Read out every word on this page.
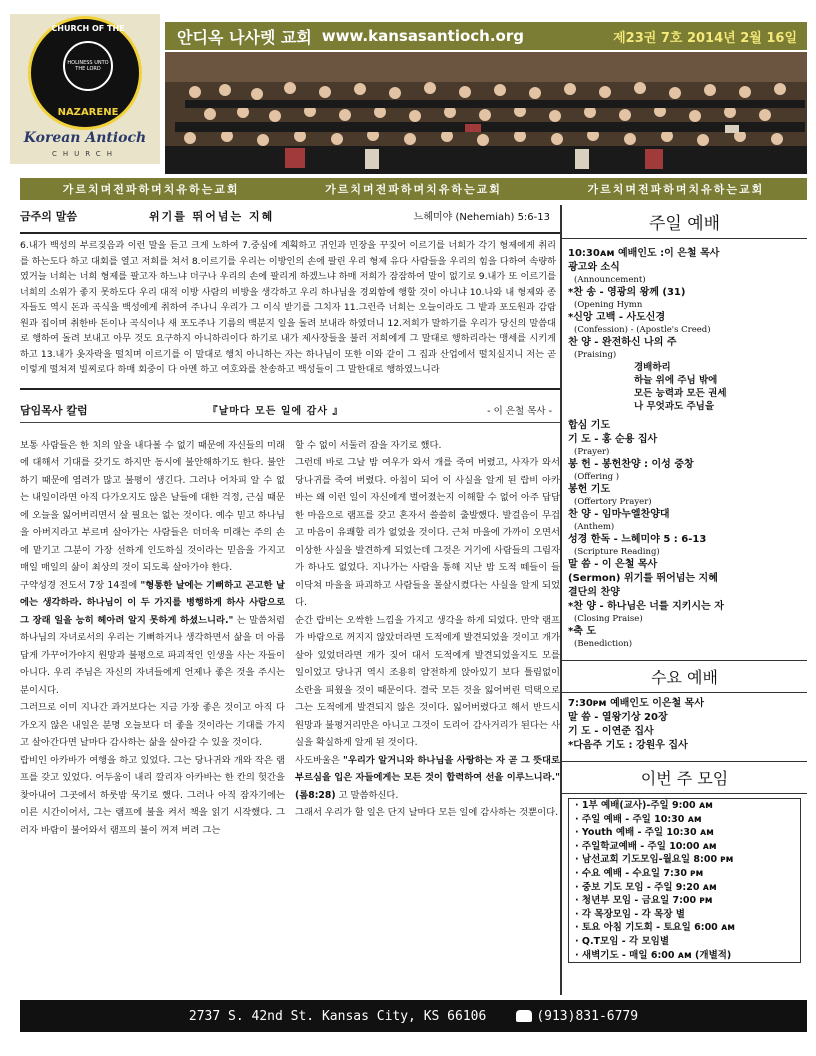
CHURCH OF THE
HOLINESS UNTO THE LORD
NAZARENE
Korean Antioch
CHURCH
안디옥 나사렛 교회 www.kansasantioch.org	제23권 7호 2014년 2월 16일
가르치며전파하며치유하는교회	가르치며전파하며치유하는교회	가르치며전파하며치유하는교회
금주의 말씀	위기를 뛰어넘는 지혜	느헤미야 (Nehemiah) 5:6-13
6.내가 백성의 부르짖음과 이런 말을 듣고 크게 노하여 7.중심에 계획하고 귀인과 민장을 꾸짖어 이르기를 너희가 각기 형제에게 취리를 하는도다 하고 대회를 열고 저희를 쳐서 8.이르기를 우리는 이방인의 손에 팔린 우리 형제 유다 사람들을 우리의 힘을 다하여 속량하였거늘 너희는 너희 형제를 팔고자 하느냐 더구나 우리의 손에 팔리게 하겠느냐 하매 저희가 잠잠하여 말이 없기로 9.내가 또 이르기를 너희의 소위가 좋지 못하도다 우리 대적 이방 사람의 비방을 생각하고 우리 하나님을 경외함에 행할 것이 아니냐 10.나와 내 형제와 종자들도 역시 돈과 곡식을 백성에게 취하여 주나니 우리가 그 이식 받기를 그치자 11.그런즉 너희는 오늘이라도 그 밭과 포도원과 감람원과 집이며 취한바 돈이나 곡식이나 새 포도주나 기름의 백분지 일을 돌려 보내라 하였더니 12.저희가 말하기를 우리가 당신의 말씀대로 행하여 돌려 보내고 아무 것도 요구하지 아니하리이다 하기로 내가 제사장들을 불러 저희에게 그 말대로 행하리라는 맹세를 시키게 하고 13.내가 옷자락을 떨치며 이르기를 이 말대로 행치 아니하는 자는 하나님이 또한 이와 같이 그 집과 산업에서 떨치실지니 저는 곧 이렇게 떨쳐져 빌찌로다 하매 회중이 다 아멘 하고 여호와를 찬송하고 백성들이 그 말한대로 행하였느니라
담임목사 칼럼	『날마다 모든 일에 감사 』	- 이 은철 목사 -

보통 사람들은 한 치의 앞을 내다볼 수 없기 때문에 자신들의 미래에 대해서 기대를 갖기도 하지만 동시에 불안해하기도 한다. 불안하기 때문에 염려가 많고 불평이 생긴다. 그러나 어차피 알 수 없는 내일이라면 아직 다가오지도 않은 날들에 대한 걱정, 근심 때문에 오늘을 잃어버리면서 살 필요는 없는 것이다. 예수 믿고 하나님을 아버지라고 부르며 살아가는 사람들은 더더욱 미래는 주의 손에 맡기고 그분이 가장 선하게 인도하실 것이라는 믿음을 가지고 매일 매일의 삶이 최상의 것이 되도록 살아가야 한다.

구약성경 전도서 7장 14절에 "형통한 날에는 기뻐하고 곤고한 날에는 생각하라. 하나님이 이 두 가지를 병행하게 하사 사람으로 그 장래 일을 능히 헤아려 알지 못하게 하셨느니라." 는 말씀처럼 하나님의 자녀로서의 우리는 기뻐하거나 생각하면서 삶을 더 아름답게 가꾸어가야지 원망과 불평으로 파괴적인 인생을 사는 자들이 아니다. 우리 주님은 자신의 자녀들에게 언제나 좋은 것을 주시는 분이시다.

그러므로 이미 지나간 과거보다는 지금 가장 좋은 것이고 아직 다가오지 않은 내일은 분명 오늘보다 더 좋을 것이라는 기대를 가지고 살아간다면 날마다 감사하는 삶을 살아갈 수 있을 것이다.

랍비인 아카바가 여행을 하고 있었다. 그는 당나귀와 개와 작은 램프를 갖고 있었다. 어두움이 내리 깔리자 아카바는 한 칸의 헛간을 찾아내어 그곳에서 하룻밤 묵기로 했다. 그러나 아직 잠자기에는 이른 시간이어서, 그는 램프에 불을 켜서 책을 읽기 시작했다. 그러자 바람이 불어와서 램프의 불이 꺼져 버려 그는

할 수 없이 서둘러 잠을 자기로 했다.

그런데 바로 그날 밤 여우가 와서 개를 죽여 버렸고, 사자가 와서 당나귀를 죽여 버렸다. 아침이 되어 이 사실을 알게 된 랍비 아카바는 왜 이런 일이 자신에게 벌어졌는지 이해할 수 없어 아주 답답한 마음으로 램프를 갖고 혼자서 쓸쓸히 출발했다. 발걸음이 무겁고 마음이 유쾌할 리가 없었을 것이다. 근처 마을에 가까이 오면서 이상한 사실을 발견하게 되었는데 그것은 거기에 사람들의 그림자가 하나도 없었다. 지나가는 사람을 통해 지난 밤 도적 떼들이 들이닥쳐 마을을 파괴하고 사람들을 몰살시켰다는 사실을 알게 되었다.

순간 랍비는 오싹한 느낌을 가지고 생각을 하게 되었다. 만약 램프가 바람으로 꺼지지 않았더라면 도적에게 발견되었을 것이고 개가 살아 있었더라면 개가 짖어 대서 도적에게 발견되었을지도 모를 일이었고 당나귀 역시 조용히 얌전하게 앉아있기 보다 틀림없이 소란을 피웠을 것이 때문이다. 결국 모든 것을 잃어버린 덕택으로 그는 도적에게 발견되지 않은 것이다. 잃어버렸다고 해서 반드시 원망과 불평거리만은 아니고 그것이 도리어 감사거리가 된다는 사실을 확실하게 알게 된 것이다.

사도바울은 "우리가 알거니와 하나님을 사랑하는 자 곧 그 뜻대로 부르심을 입은 자들에게는 모든 것이 합력하여 선을 이루느니라." (롬8:28) 고 말씀하신다.

그래서 우리가 할 일은 단지 날마다 모든 일에 감사하는 것뿐이다.

주일 예배
10:30ᴀᴍ 예배인도 :이 은철 목사
광고와 소식
(Announcement)
*찬 송 - 영광의 왕께 (31)
(Opening Hymn
*신앙 고백 - 사도신경
(Confession) - (Apostle's Creed)
찬 양 - 완전하신 나의 주
(Praising)
경배하리
하늘 위에 주님 밖에
모든 능력과 모든 권세
나 무엇과도 주님을
합심 기도
기 도 - 홍 순용 집사
(Prayer)
봉 헌 - 봉헌찬양 : 이성 중창
(Offering )
봉헌 기도
(Offertory Prayer)
찬 양 - 임마누엘찬양대
(Anthem)
성경 한독 - 느헤미야 5 : 6-13
(Scripture Reading)
말 씀 - 이 은철 목사
(Sermon) 위기를 뛰어넘는 지혜
결단의 찬양
*찬 양 - 하나님은 너를 지키시는 자
(Closing Praise)
*축 도
(Benediction)
수요 예배
7:30ᴘᴍ 예배인도 이은철 목사
말 씀 - 열왕기상 20장
기 도 - 이연준 집사
*다음주 기도 : 강원우 집사
이번 주 모임
· 1부 예배(교사)-주일 9:00 ᴀᴍ
· 주일 예배 - 주일 10:30 ᴀᴍ
· Youth 예배 - 주일 10:30 ᴀᴍ
· 주일학교예배 - 주일 10:00 ᴀᴍ
· 남선교회 기도모임-월요일 8:00 ᴘᴍ
· 수요 예배 - 수요일 7:30 ᴘᴍ
· 중보 기도 모임 - 주일 9:20 ᴀᴍ
· 청년부 모임 - 금요일 7:00 ᴘᴍ
· 각 목장모임 - 각 목장 별
· 토요 아침 기도회 - 토요일 6:00 ᴀᴍ
· Q.T모임 - 각 모임별
· 새벽기도 - 매일 6:00 ᴀᴍ (개별적)
2737 S. 42nd St. Kansas City, KS 66106	(913)831-6779
